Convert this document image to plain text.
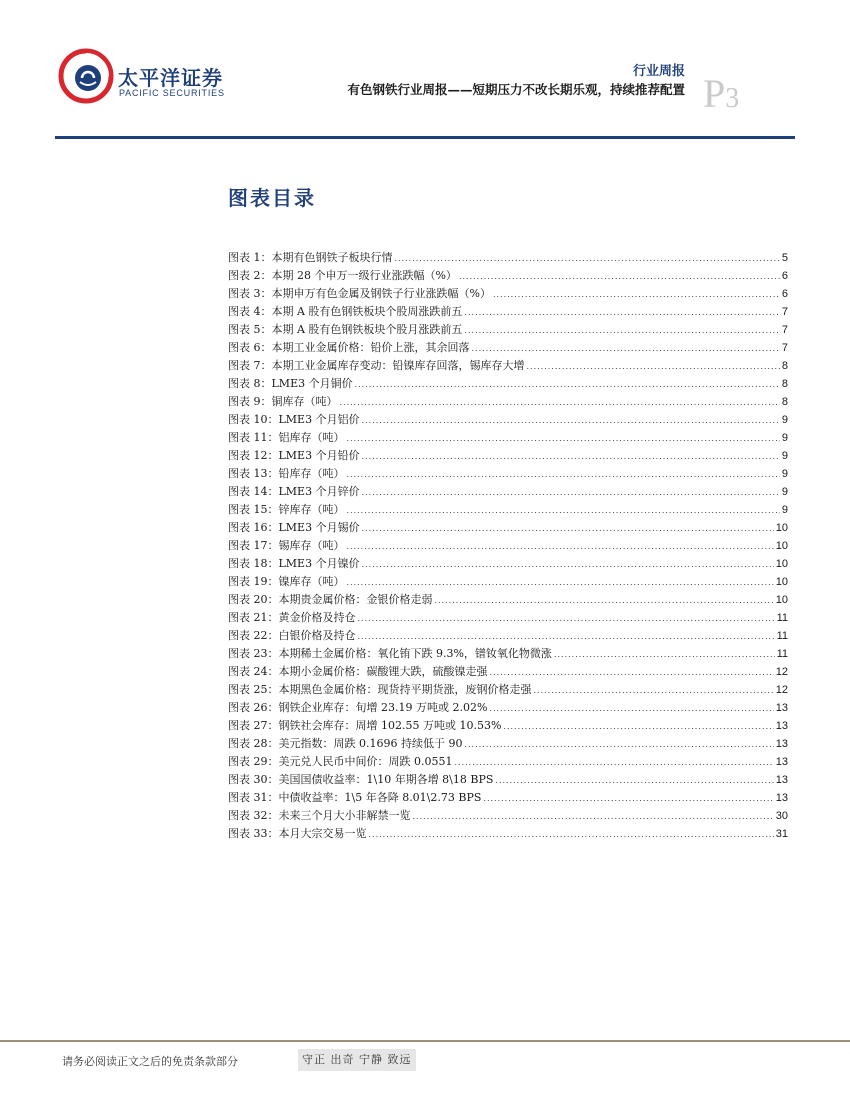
太平洋证券
PACIFIC SECURITIES
行业周报
有色钢铁行业周报——短期压力不改长期乐观，持续推荐配置 P3
图表目录
图表 1：本期有色钢铁子板块行情 .....	5
图表 2：本期 28 个申万一级行业涨跌幅（%） .....	6
图表 3：本期申万有色金属及钢铁子行业涨跌幅（%） .....	6
图表 4：本期 A 股有色钢铁板块个股周涨跌前五 .....	7
图表 5：本期 A 股有色钢铁板块个股月涨跌前五 .....	7
图表 6：本期工业金属价格：铅价上涨，其余回落 .....	7
图表 7：本期工业金属库存变动：铅镍库存回落，锡库存大增 .....	8
图表 8：LME3 个月铜价 .....	8
图表 9：铜库存（吨） .....	8
图表 10：LME3 个月铝价 .....	9
图表 11：铝库存（吨） .....	9
图表 12：LME3 个月铅价 .....	9
图表 13：铅库存（吨） .....	9
图表 14：LME3 个月锌价 .....	9
图表 15：锌库存（吨） .....	9
图表 16：LME3 个月锡价 .....	10
图表 17：锡库存（吨） .....	10
图表 18：LME3 个月镍价 .....	10
图表 19：镍库存（吨） .....	10
图表 20：本期贵金属价格：金银价格走弱 .....	10
图表 21：黄金价格及持仓 .....	11
图表 22：白银价格及持仓 .....	11
图表 23：本期稀土金属价格：氧化铕下跌 9.3%，镨钕氧化物微涨 .....	11
图表 24：本期小金属价格：碳酸锂大跌，硫酸镍走强 .....	12
图表 25：本期黑色金属价格：现货持平期货涨，废钢价格走强 .....	12
图表 26：钢铁企业库存：旬增 23.19 万吨或 2.02% .....	13
图表 27：钢铁社会库存：周增 102.55 万吨或 10.53% .....	13
图表 28：美元指数：周跌 0.1696 持续低于 90 .....	13
图表 29：美元兑人民币中间价：周跌 0.0551 .....	13
图表 30：美国国债收益率：1\10 年期各增 8\18 BPS .....	13
图表 31：中债收益率：1\5 年各降 8.01\2.73 BPS .....	13
图表 32：未来三个月大小非解禁一览 .....	30
图表 33：本月大宗交易一览 .....	31
请务必阅读正文之后的免责条款部分	守正 出奇 宁静 致远
